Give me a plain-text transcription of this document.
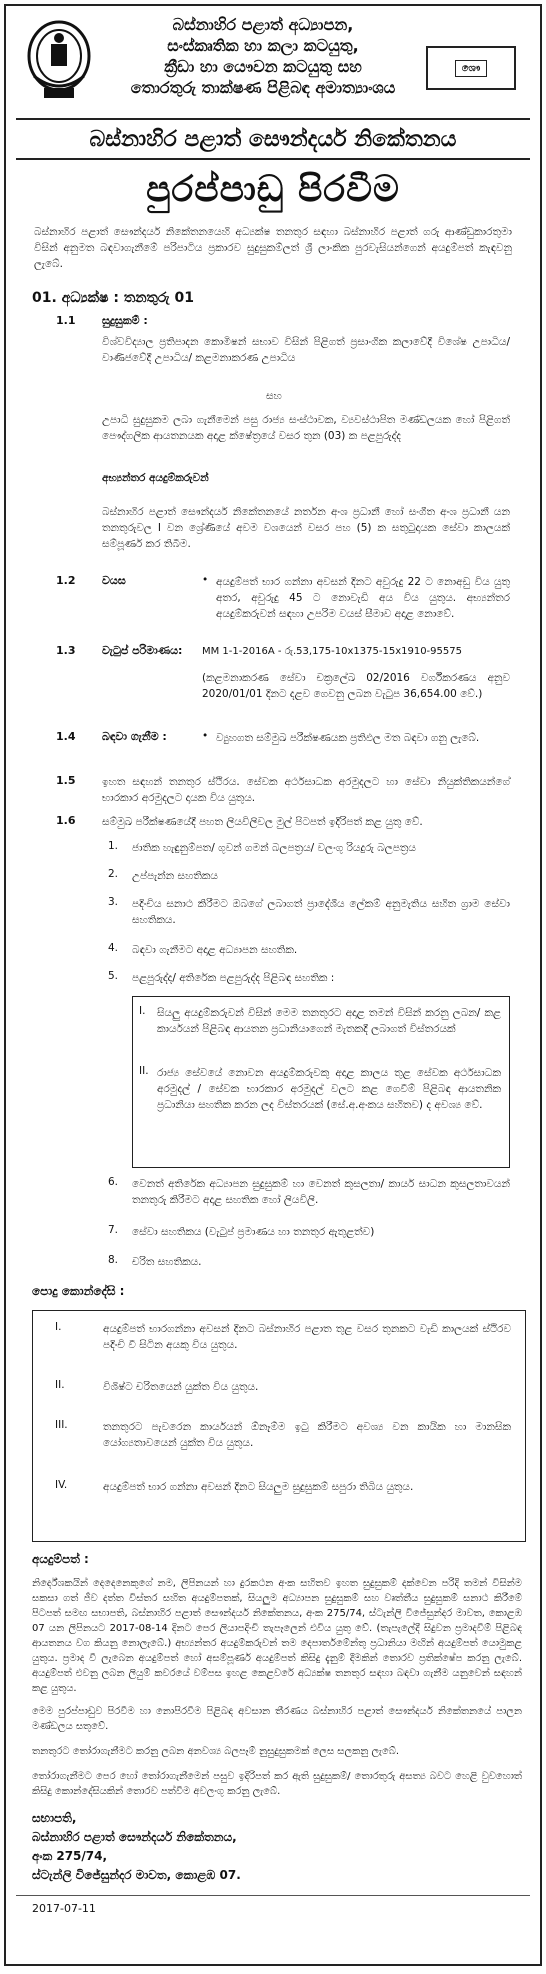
බස්නාහිර පළාත් අධ්‍යාපන,
සංස්කෘතික හා කලා කටයුතු,
ක්‍රීඩා හා යෞවන කටයුතු සහ
තොරතුරු තාක්ෂණ පිළිබඳ අමාත්‍යාංශය
ශෞ
බස්නාහිර පළාත් සෞන්දර්ය නිකේතනය
පුරප්පාඩු පිරවීම
බස්නාහිර පළාත් සෞන්දර්ය නිකේතනයෙහි අධ්‍යක්ෂ තනතුර සඳහා බස්නාහිර පළාත් ගරු ආණ්ඩුකාරතුමා විසින් අනුමත බඳවාගැනීමේ පරිපාටිය ප්‍රකාරව සුදුසුකම්ලත් ශ්‍රී ලාංකික පුරවැසියන්ගෙන් අයදුම්පත් කැඳවනු ලැබේ.
01. අධ්‍යක්ෂ : තනතුරු 01
1.1 සුදුසුකම් :
විශ්වවිද්‍යාල ප්‍රතිපාදන කොමිෂන් සභාව විසින් පිළිගත් ප්‍රසාංගික කලාවේදී විශේෂ උපාධිය/ වාණිජවේදී උපාධිය/ කළමනාකරණ උපාධිය
සහ
උපාධි සුදුසුකම ලබා ගැනීමෙන් පසු රාජ්‍ය සංස්ථාවක, ව්‍යවස්ථාපිත මණ්ඩලයක හෝ පිළිගත් පෞද්ගලික ආයතනයක අදාළ ක්ෂේත්‍රයේ වසර තුන (03) ක පළපුරුද්ද
අභ්‍යන්තර අයදුම්කරුවන්
බස්නාහිර පළාත් සෞන්දර්ය නිකේතනයේ නර්තන අංශ ප්‍රධානී හෝ සංගීත අංශ ප්‍රධානී යන තනතුරුවල I වන ශ්‍රේණියේ අවම වශයෙන් වසර පහ (5) ක සතුටුදායක සේවා කාලයක් සම්පූර්ණ කර තිබීම.
1.2 වයස	• අයදුම්පත් භාර ගන්නා අවසන් දිනට අවුරුදු 22 ට නොඅඩු විය යුතු අතර, අවුරුදු 45 ට නොවැඩි අය විය යුතුය. අභ්‍යන්තර අයදුම්කරුවන් සඳහා උපරිම වයස් සීමාව අදාළ නොවේ.
1.3 වැටුප් පරිමාණය: MM 1-1-2016A - රු.53,175-10x1375-15x1910-95575
(කළමනාකරණ සේවා චක්‍රලේඛ 02/2016 වර්ගීකරණය අනුව 2020/01/01 දිනට දළව ගෙවනු ලබන වැටුප 36,654.00 වේ.)
1.4 බඳවා ගැනීම :	• ව්‍යුහගත සම්මුඛ පරීක්ෂණයක ප්‍රතිඵල මත බඳවා ගනු ලැබේ.
1.5	ඉහත සඳහන් තනතුර ස්ථිරය. සේවක අර්ථසාධක අරමුදලට හා සේවා නියුක්තිකයන්ගේ භාරකාර අරමුදලට දායක විය යුතුය.
1.6	සම්මුඛ පරීක්ෂණයේදී පහත ලියවිලිවල මුල් පිටපත් ඉදිරිපත් කළ යුතු වේ.
1. ජාතික හැඳුනුම්පත/ ගුවන් ගමන් බලපත්‍රය/ වලංගු රියදුරු බලපත්‍රය
2. උප්පැන්න සහතිකය
3. පදිංචිය සනාථ කිරීමට ඔබගේ ලබාගත් ප්‍රාදේශීය ලේකම් අනුමැතිය සහිත ග්‍රාම සේවා සහතිකය.
4. බඳවා ගැනීමට අදාළ අධ්‍යාපන සහතික.
5. පළපුරුද්ද/ අතිරේක පළපුරුද්ද පිළිබඳ සහතික :
I. සියලු අයදුම්කරුවන් විසින් මෙම තනතුරට අදාළ තමන් විසින් කරනු ලබන/ කළ කාර්යයන් පිළිබඳ ආයතන ප්‍රධානියාගෙන් මැතකදී ලබාගත් විස්තරයක්
II. රාජ්‍ය සේවයේ නොවන අයදුම්කරුවකු අදාළ කාලය තුළ සේවක අර්ථසාධක අරමුදල් / සේවක භාරකාර අරමුදල් වලට කළ ගෙවීම් පිළිබඳ ආයතනික ප්‍රධානියා සහතික කරන ලද විස්තරයක් (සේ.අ.අංකය සහිතව) ද අවශ්‍ය වේ.
6. වෙනත් අතිරේක අධ්‍යාපන සුදුසුකම් හා වෙනත් කුසලතා/ කාර්ය සාධන කුසලතාවයන් තනතුරු කිරීමට අදාළ සහතික හෝ ලියවිලි.
7. සේවා සහතිකය (වැටුප් ප්‍රමාණය හා තනතුර ඇතුළත්ව)
8. චරිත සහතිකය.
පොදු කොන්දේසි :
I.	අයදුම්පත් භාරගන්නා අවසන් දිනට බස්නාහිර පළාත තුළ වසර තුනකට වැඩි කාලයක් ස්ථිරව පදිංචි වී සිටින අයකු විය යුතුය.
II.	විශිෂ්ට චරිතයෙන් යුක්ත විය යුතුය.
III.	තනතුරට පැවරෙන කාර්යයන් ඕනෑම්ම ඉටු කිරීමට අවශ්‍ය වන කායික හා මානසික යෝග්‍යතාවයෙන් යුක්ත විය යුතුය.
IV.	අයදුම්පත් භාර ගන්නා අවසන් දිනට සියලුම සුදුසුකම් සපුරා තිබිය යුතුය.
අයදුම්පත් :
නිර්දේශකයින් දෙදෙනෙකුගේ නම, ලිපිනයන් හා දුරකථන අංක සහිතව ඉහත සුදුසුකම් දක්වෙන පරිදි තමන් විසින්ම සකසා ගත් ජීව දත්ත විස්තර සහිත අයදුම්පතක්, සියලුම අධ්‍යාපන සුදුසුකම් සහ වෘත්තීය සුදුසුකම් සනාථ කිරීමේ පිටපත් සමඟ සභාපති, බස්නාහිර පළාත් සෞන්දර්ය නිකේතනය, අංක 275/74, ස්ටැන්ලි විජේසුන්දර මාවත, කොළඹ 07 යන ලිපිනයට 2017-08-14 දිනට පෙර ලියාපදිංචි තැපෑලෙන් එවිය යුතු වේ. (තැපැලේදී සිදුවන ප්‍රමාදවීම් පිළිබඳ ආයතනය වග කියනු නොලැබේ.) අභ්‍යන්තර අයදුම්කරුවන් තම දෙපාර්තමේන්තු ප්‍රධානියා මඟින් අයදුම්පත් යොමුකළ යුතුය. ප්‍රමාද වී ලැබෙන අයදුම්පත් හෝ අසම්පූර්ණ අයදුම්පත් කිසිදු දැනුම් දීමකින් තොරව ප්‍රතික්ෂේප කරනු ලැබේ. අයදුම්පත් එවනු ලබන ලියුම් කවරයේ වම්පස ඉහළ කෙළවරේ අධ්‍යක්ෂ තනතුර සඳහා බඳවා ගැනීම යනුවෙන් සඳහන් කළ යුතුය.
මෙම පුරප්පාඩුව පිරවීම හා නොපිරවීම පිළිබඳ අවසාන තීරණය බස්නාහිර පළාත් සෞන්දර්ය නිකේතනයේ පාලන මණ්ඩලය සතුවේ.
තනතුරට තෝරාගැනීමට කරනු ලබන අනවශ්‍ය බලපෑම් නුසුදුසුකමක් ලෙස සලකනු ලැබේ.
තෝරාගැනීමට පෙර හෝ තෝරාගැනීමෙන් පසුව ඉදිරිපත් කර ඇති සුදුසුකම්/ තොරතුරු අසත්‍ය බවට හෙළි වුවහොත් කිසිදු කොන්දේසියකින් තොරව පත්වීම අවලංගු කරනු ලැබේ.
සභාපති,
බස්නාහිර පළාත් සෞන්දර්ය නිකේතනය,
අංක 275/74,
ස්ටැන්ලි විජේසුන්දර මාවත, කොළඹ 07.
2017-07-11
